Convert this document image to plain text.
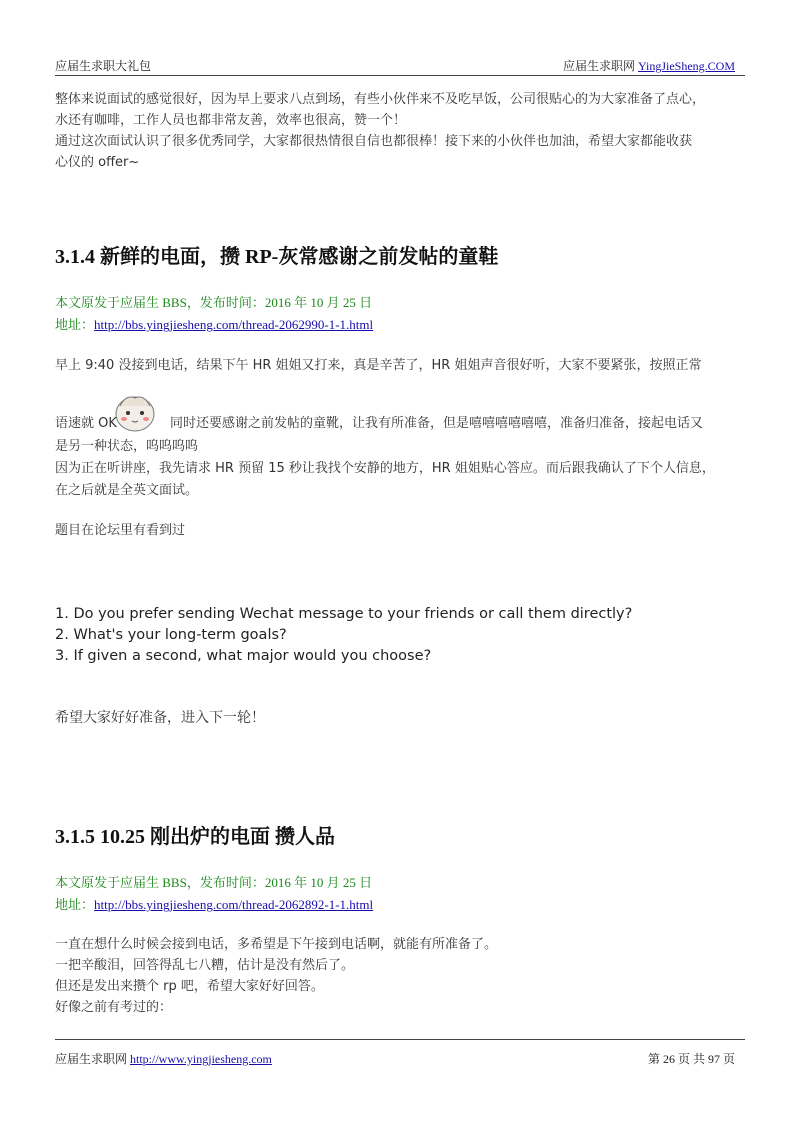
应届生求职大礼包	应届生求职网 YingJieSheng.COM
整体来说面试的感觉很好，因为早上要求八点到场，有些小伙伴来不及吃早饭，公司很贴心的为大家准备了点心，
水还有咖啡，工作人员也都非常友善，效率也很高，赞一个！
通过这次面试认识了很多优秀同学，大家都很热情很自信也都很棒！接下来的小伙伴也加油，希望大家都能收获
心仪的 offer~
3.1.4 新鲜的电面，攒 RP-灰常感谢之前发帖的童鞋
本文原发于应届生 BBS，发布时间：2016 年 10 月 25 日
地址：http://bbs.yingjiesheng.com/thread-2062990-1-1.html
早上 9:40 没接到电话，结果下午 HR 姐姐又打来，真是辛苦了，HR 姐姐声音很好听，大家不要紧张，按照正常
语速就 OK	同时还要感谢之前发帖的童靴，让我有所准备，但是嘻嘻嘻嘻嘻嘻，准备归准备，接起电话又
是另一种状态，呜呜呜呜
因为正在听讲座，我先请求 HR 预留 15 秒让我找个安静的地方，HR 姐姐贴心答应。而后跟我确认了下个人信息，
在之后就是全英文面试。
题目在论坛里有看到过
1. Do you prefer sending Wechat message to your friends or call them directly?
2. What's your long-term goals?
3. If given a second, what major would you choose?
希望大家好好准备，进入下一轮！
3.1.5 10.25 刚出炉的电面 攒人品
本文原发于应届生 BBS，发布时间：2016 年 10 月 25 日
地址：http://bbs.yingjiesheng.com/thread-2062892-1-1.html
一直在想什么时候会接到电话，多希望是下午接到电话啊，就能有所准备了。
一把辛酸泪，回答得乱七八糟，估计是没有然后了。
但还是发出来攒个 rp 吧，希望大家好好回答。
好像之前有考过的：
应届生求职网 http://www.yingjiesheng.com	第 26 页 共 97 页
